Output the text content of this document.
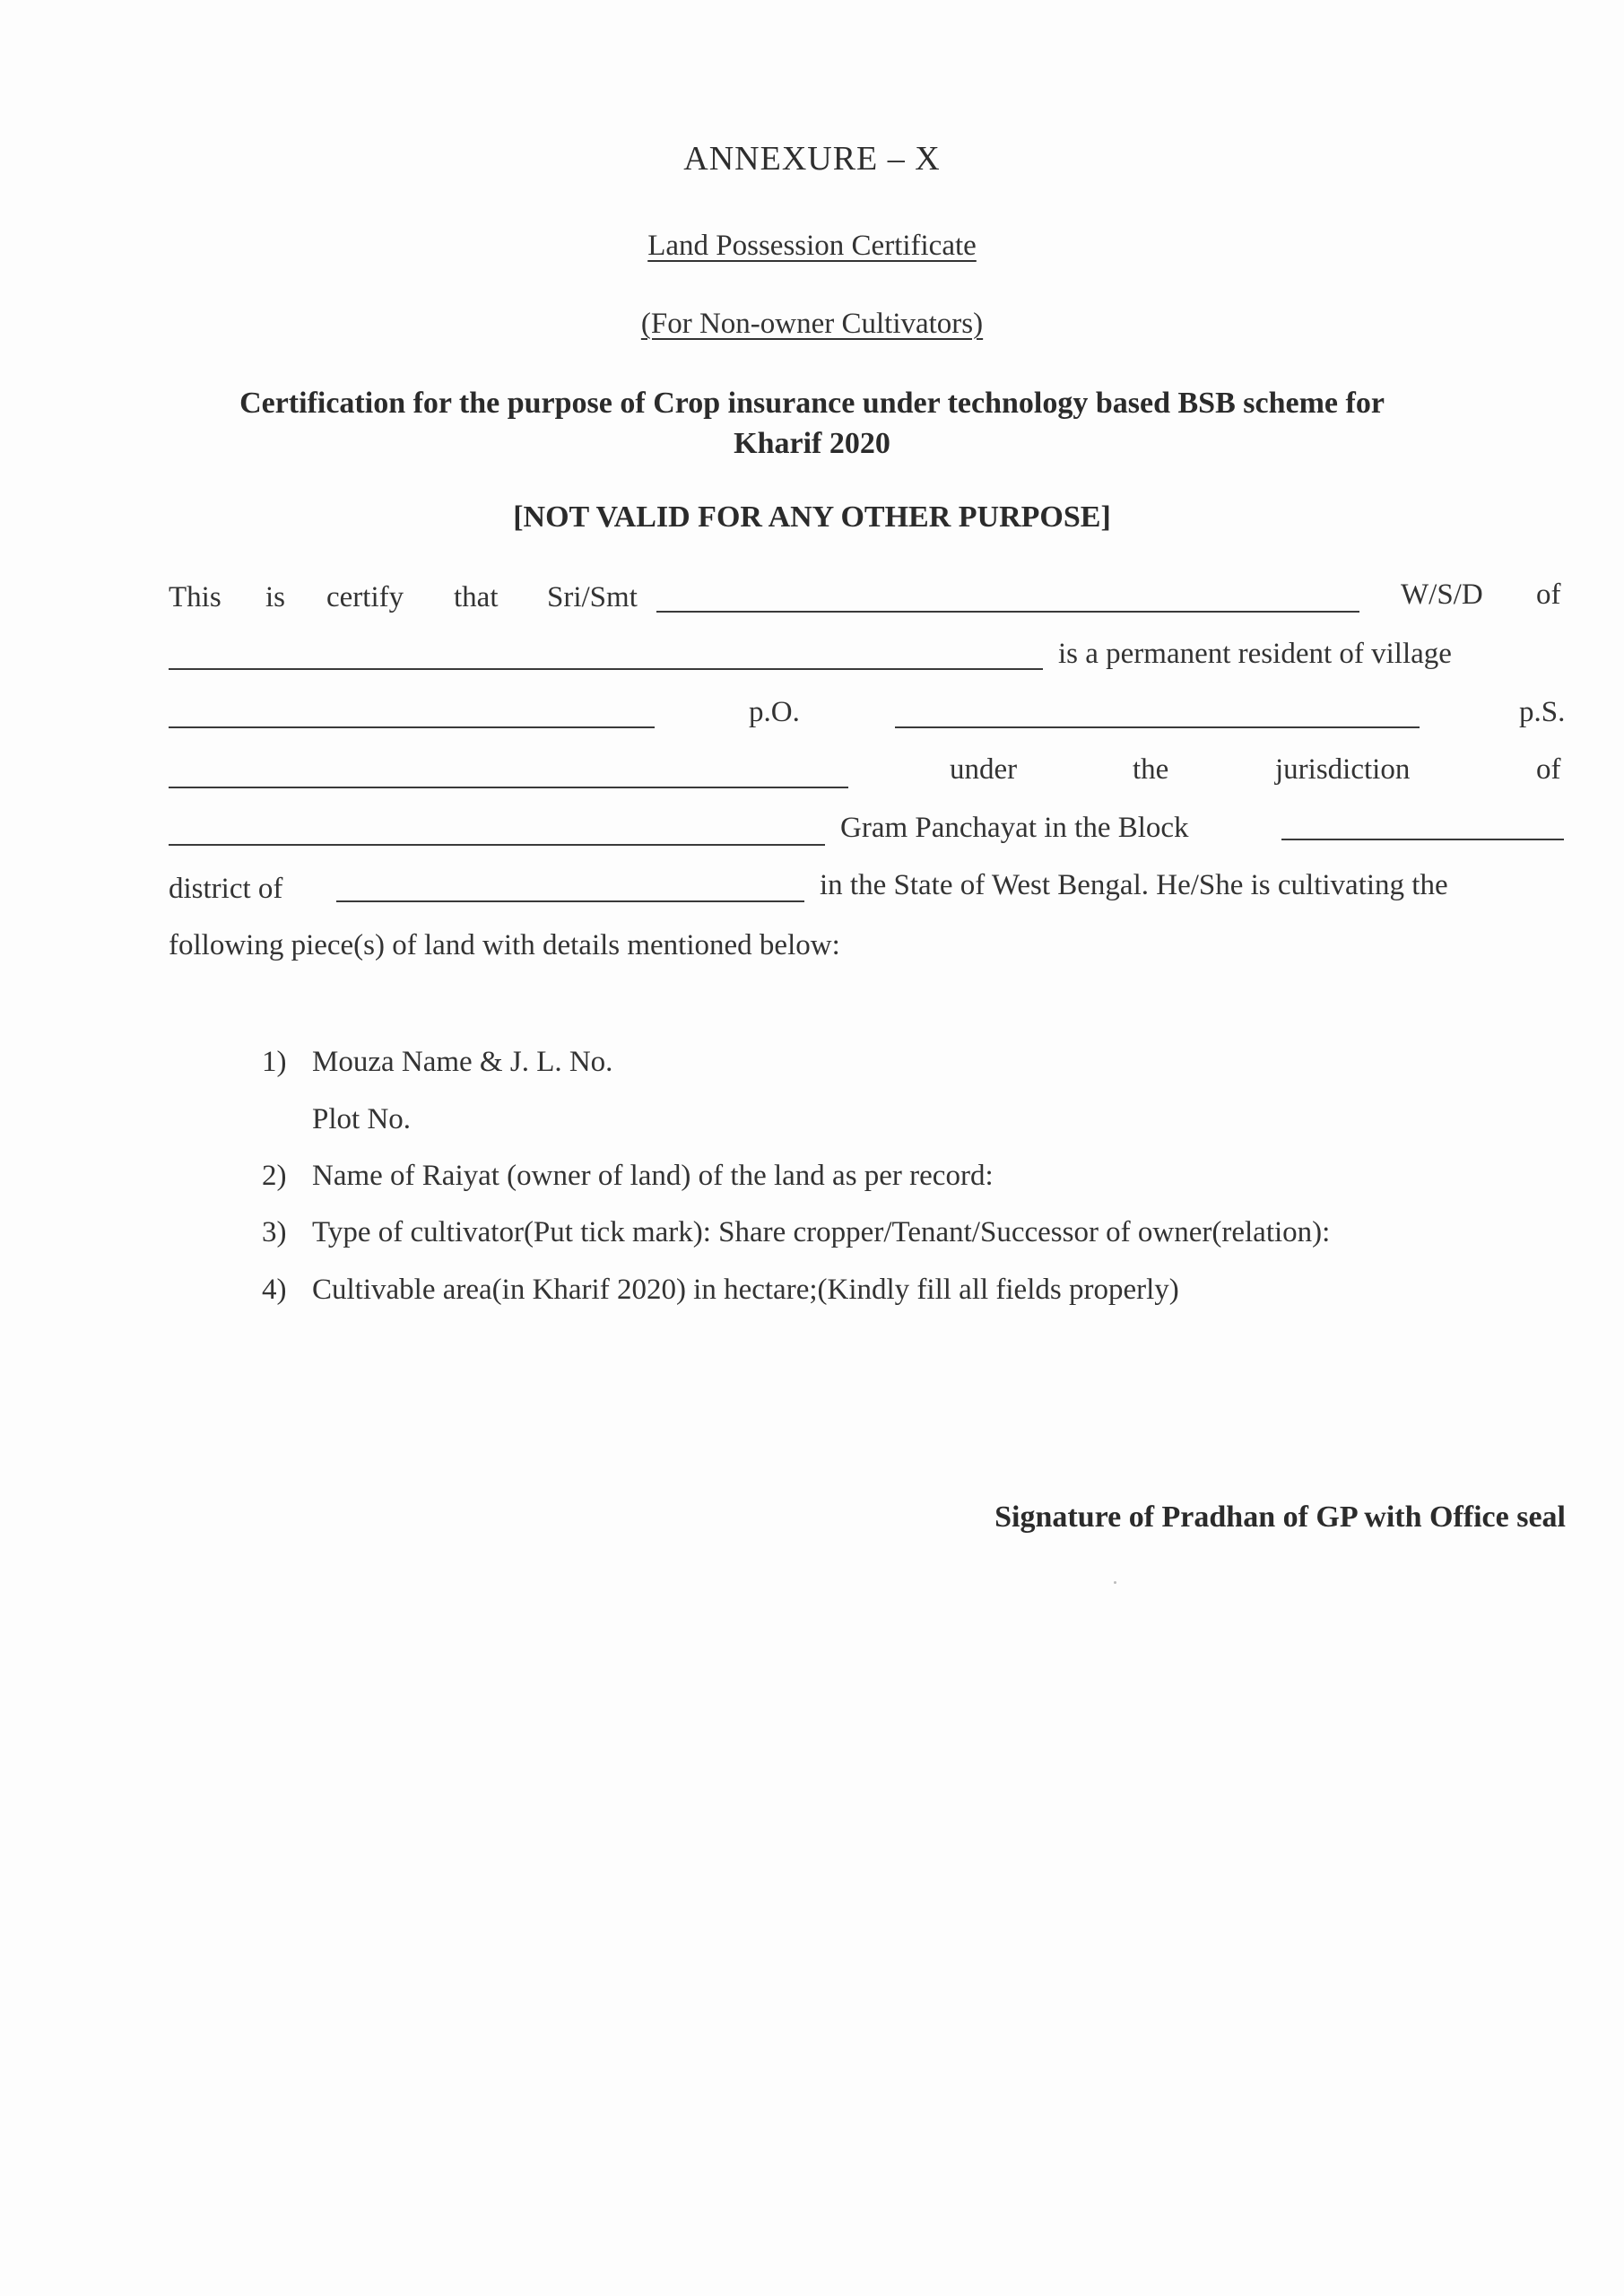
ANNEXURE – X
Land Possession Certificate
(For Non-owner Cultivators)
Certification for the purpose of Crop insurance under technology based BSB scheme for
Kharif 2020
[NOT VALID FOR ANY OTHER PURPOSE]
This is certify that Sri/Smt	W/S/D of
is a permanent resident of village
p.O.	p.S.
under	the	jurisdiction	of
Gram Panchayat in the Block
district of	in the State of West Bengal. He/She is cultivating the
following piece(s) of land with details mentioned below:
1) Mouza Name & J. L. No.
Plot No.
2) Name of Raiyat (owner of land) of the land as per record:
3) Type of cultivator(Put tick mark): Share cropper/Tenant/Successor of owner(relation):
4) Cultivable area(in Kharif 2020) in hectare;(Kindly fill all fields properly)
Signature of Pradhan of GP with Office seal
